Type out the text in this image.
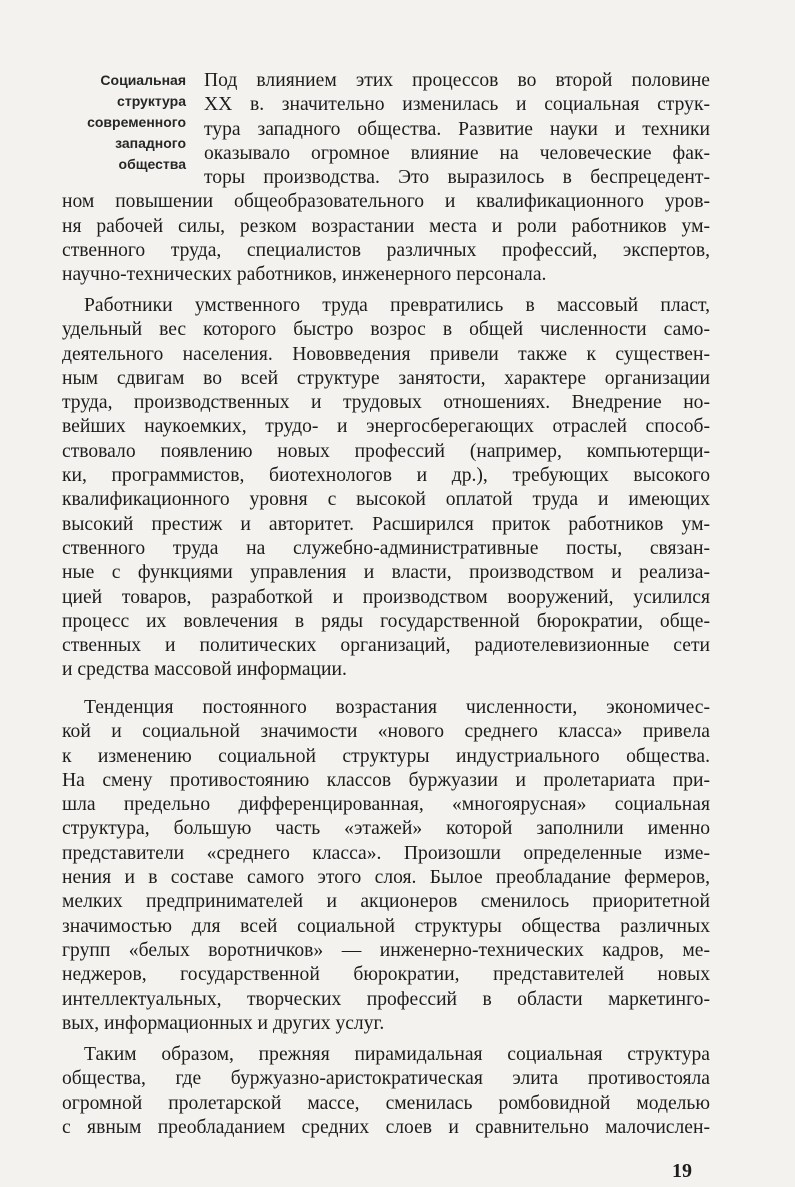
Социальная
структура
современного
западного
общества
Под влиянием этих процессов во второй половине
XX в. значительно изменилась и социальная струк-
тура западного общества. Развитие науки и техники
оказывало огромное влияние на человеческие фак-
торы производства. Это выразилось в беспрецедент-
ном повышении общеобразовательного и квалификационного уров-
ня рабочей силы, резком возрастании места и роли работников ум-
ственного труда, специалистов различных профессий, экспертов,
научно-технических работников, инженерного персонала.
Работники умственного труда превратились в массовый пласт,
удельный вес которого быстро возрос в общей численности само-
деятельного населения. Нововведения привели также к существен-
ным сдвигам во всей структуре занятости, характере организации
труда, производственных и трудовых отношениях. Внедрение но-
вейших наукоемких, трудо- и энергосберегающих отраслей способ-
ствовало появлению новых профессий (например, компьютерщи-
ки, программистов, биотехнологов и др.), требующих высокого
квалификационного уровня с высокой оплатой труда и имеющих
высокий престиж и авторитет. Расширился приток работников ум-
ственного труда на служебно-административные посты, связан-
ные с функциями управления и власти, производством и реализа-
цией товаров, разработкой и производством вооружений, усилился
процесс их вовлечения в ряды государственной бюрократии, обще-
ственных и политических организаций, радиотелевизионные сети
и средства массовой информации.
Тенденция постоянного возрастания численности, экономичес-
кой и социальной значимости «нового среднего класса» привела
к изменению социальной структуры индустриального общества.
На смену противостоянию классов буржуазии и пролетариата при-
шла предельно дифференцированная, «многоярусная» социальная
структура, большую часть «этажей» которой заполнили именно
представители «среднего класса». Произошли определенные изме-
нения и в составе самого этого слоя. Былое преобладание фермеров,
мелких предпринимателей и акционеров сменилось приоритетной
значимостью для всей социальной структуры общества различных
групп «белых воротничков» — инженерно-технических кадров, ме-
неджеров, государственной бюрократии, представителей новых
интеллектуальных, творческих профессий в области маркетинго-
вых, информационных и других услуг.
Таким образом, прежняя пирамидальная социальная структура
общества, где буржуазно-аристократическая элита противостояла
огромной пролетарской массе, сменилась ромбовидной моделью
с явным преобладанием средних слоев и сравнительно малочислен-
19
